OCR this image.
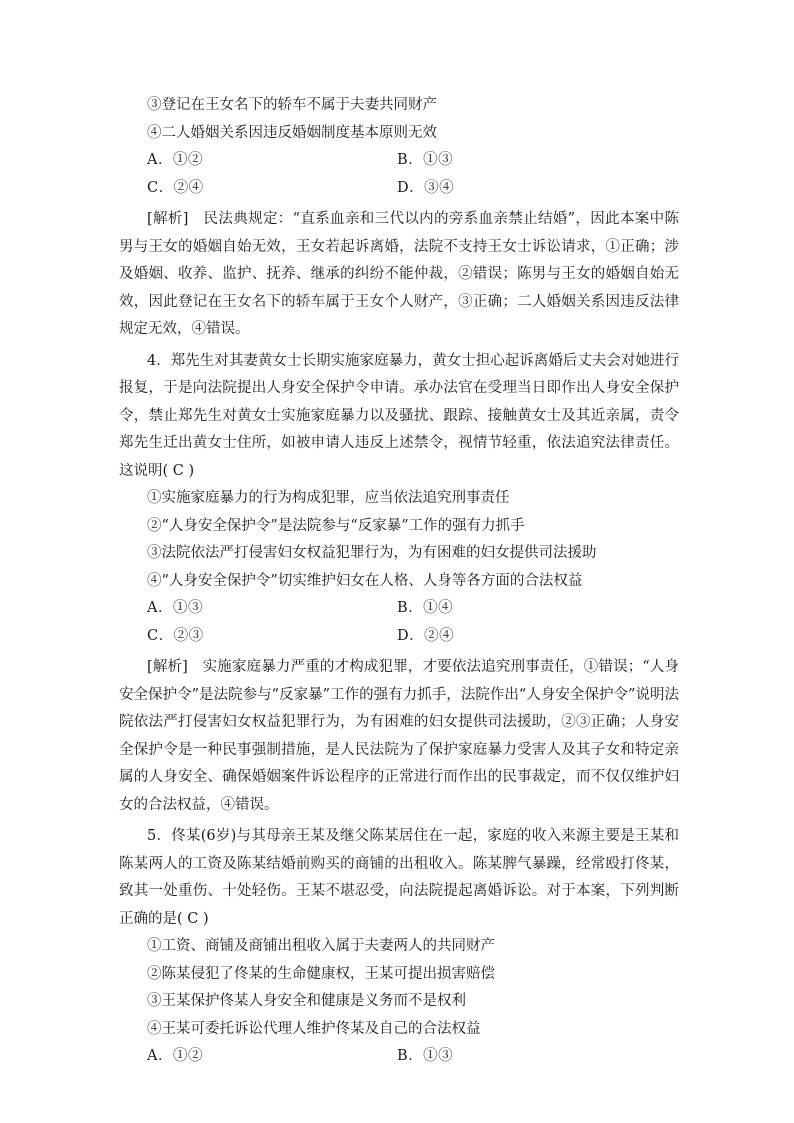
③登记在王女名下的轿车不属于夫妻共同财产

④二人婚姻关系因违反婚姻制度基本原则无效

A．①②	B．①③
C．②④	D．③④

[解析]　民法典规定：“直系血亲和三代以内的旁系血亲禁止结婚”，因此本案中陈男与王女的婚姻自始无效，王女若起诉离婚，法院不支持王女士诉讼请求，①正确；涉及婚姻、收养、监护、抚养、继承的纠纷不能仲裁，②错误；陈男与王女的婚姻自始无效，因此登记在王女名下的轿车属于王女个人财产，③正确；二人婚姻关系因违反法律规定无效，④错误。

4．郑先生对其妻黄女士长期实施家庭暴力，黄女士担心起诉离婚后丈夫会对她进行报复，于是向法院提出人身安全保护令申请。承办法官在受理当日即作出人身安全保护令，禁止郑先生对黄女士实施家庭暴力以及骚扰、跟踪、接触黄女士及其近亲属，责令郑先生迁出黄女士住所，如被申请人违反上述禁令，视情节轻重，依法追究法律责任。这说明( C )

①实施家庭暴力的行为构成犯罪，应当依法追究刑事责任

②“人身安全保护令”是法院参与“反家暴”工作的强有力抓手

③法院依法严打侵害妇女权益犯罪行为，为有困难的妇女提供司法援助

④“人身安全保护令”切实维护妇女在人格、人身等各方面的合法权益

A．①③	B．①④
C．②③	D．②④

[解析]　实施家庭暴力严重的才构成犯罪，才要依法追究刑事责任，①错误；“人身安全保护令”是法院参与“反家暴”工作的强有力抓手，法院作出“人身安全保护令”说明法院依法严打侵害妇女权益犯罪行为，为有困难的妇女提供司法援助，②③正确；人身安全保护令是一种民事强制措施，是人民法院为了保护家庭暴力受害人及其子女和特定亲属的人身安全、确保婚姻案件诉讼程序的正常进行而作出的民事裁定，而不仅仅维护妇女的合法权益，④错误。

5．佟某(6岁)与其母亲王某及继父陈某居住在一起，家庭的收入来源主要是王某和陈某两人的工资及陈某结婚前购买的商铺的出租收入。陈某脾气暴躁，经常殴打佟某，致其一处重伤、十处轻伤。王某不堪忍受，向法院提起离婚诉讼。对于本案，下列判断正确的是( C )

①工资、商铺及商铺出租收入属于夫妻两人的共同财产

②陈某侵犯了佟某的生命健康权，王某可提出损害赔偿

③王某保护佟某人身安全和健康是义务而不是权利

④王某可委托诉讼代理人维护佟某及自己的合法权益

A．①②	B．①③
